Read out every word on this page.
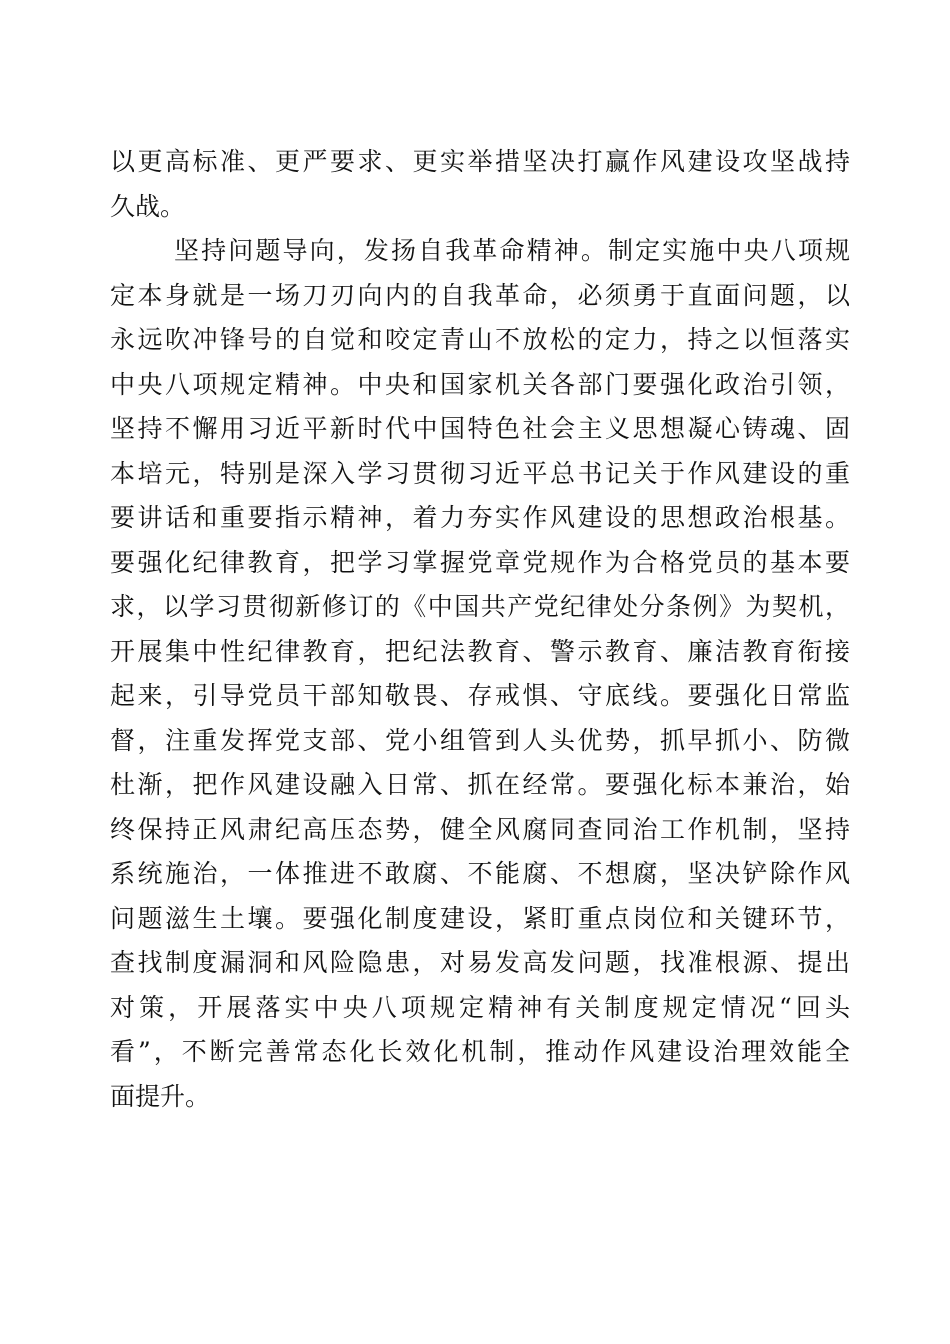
以更高标准、更严要求、更实举措坚决打赢作风建设攻坚战持
久战。
坚持问题导向，发扬自我革命精神。制定实施中央八项规
定本身就是一场刀刃向内的自我革命，必须勇于直面问题，以
永远吹冲锋号的自觉和咬定青山不放松的定力，持之以恒落实
中央八项规定精神。中央和国家机关各部门要强化政治引领，
坚持不懈用习近平新时代中国特色社会主义思想凝心铸魂、固
本培元，特别是深入学习贯彻习近平总书记关于作风建设的重
要讲话和重要指示精神，着力夯实作风建设的思想政治根基。
要强化纪律教育，把学习掌握党章党规作为合格党员的基本要
求，以学习贯彻新修订的《中国共产党纪律处分条例》为契机，
开展集中性纪律教育，把纪法教育、警示教育、廉洁教育衔接
起来，引导党员干部知敬畏、存戒惧、守底线。要强化日常监
督，注重发挥党支部、党小组管到人头优势，抓早抓小、防微
杜渐，把作风建设融入日常、抓在经常。要强化标本兼治，始
终保持正风肃纪高压态势，健全风腐同查同治工作机制，坚持
系统施治，一体推进不敢腐、不能腐、不想腐，坚决铲除作风
问题滋生土壤。要强化制度建设，紧盯重点岗位和关键环节，
查找制度漏洞和风险隐患，对易发高发问题，找准根源、提出
对策，开展落实中央八项规定精神有关制度规定情况“回头
看”，不断完善常态化长效化机制，推动作风建设治理效能全
面提升。
